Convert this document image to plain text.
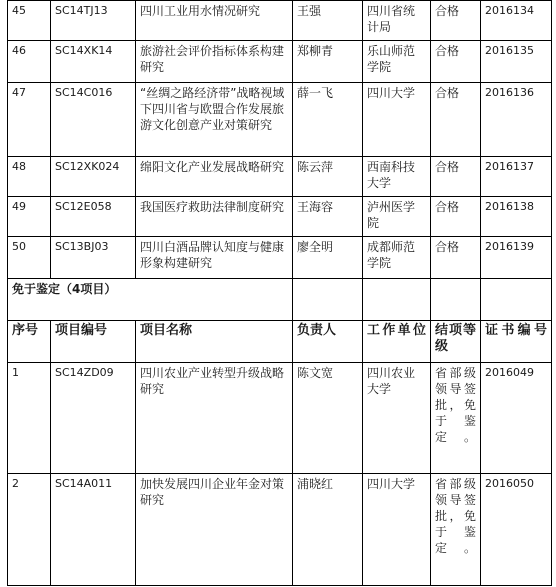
45	SC14TJ13	四川工业用水情况研究	王强	四川省统计局	合格	2016134
46	SC14XK14	旅游社会评价指标体系构建研究	郑柳青	乐山师范学院	合格	2016135
47	SC14C016	“丝绸之路经济带”战略视域下四川省与欧盟合作发展旅游文化创意产业对策研究	薛一飞	四川大学	合格	2016136
48	SC12XK024	绵阳文化产业发展战略研究	陈云萍	西南科技大学	合格	2016137
49	SC12E058	我国医疗救助法律制度研究	王海容	泸州医学院	合格	2016138
50	SC13BJ03	四川白酒品牌认知度与健康形象构建研究	廖全明	成都师范学院	合格	2016139
免于鉴定（4项目）						
序号	项目编号	项目名称	负责人	工作单位	结项等级	证书编号
1	SC14ZD09	四川农业产业转型升级战略研究	陈文宽	四川农业大学	省部级领导签批，免于鉴定。	2016049
2	SC14A011	加快发展四川企业年金对策研究	浦晓红	四川大学	省部级领导签批，免于鉴定。	2016050
